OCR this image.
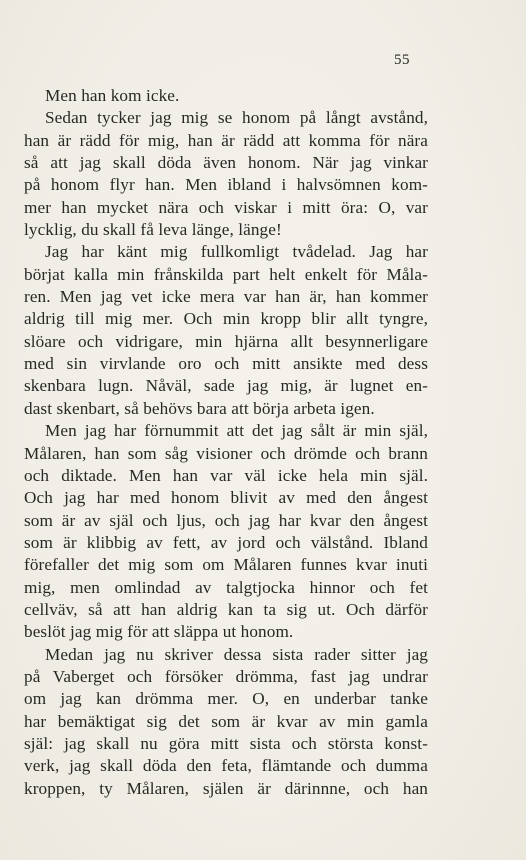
55
Men han kom icke.
Sedan tycker jag mig se honom på långt avstånd,
han är rädd för mig, han är rädd att komma för nära
så att jag skall döda även honom. När jag vinkar
på honom flyr han. Men ibland i halvsömnen kom-
mer han mycket nära och viskar i mitt öra: O, var
lycklig, du skall få leva länge, länge!
Jag har känt mig fullkomligt tvådelad. Jag har
börjat kalla min frånskilda part helt enkelt för Måla-
ren. Men jag vet icke mera var han är, han kommer
aldrig till mig mer. Och min kropp blir allt tyngre,
slöare och vidrigare, min hjärna allt besynnerligare
med sin virvlande oro och mitt ansikte med dess
skenbara lugn. Nåväl, sade jag mig, är lugnet en-
dast skenbart, så behövs bara att börja arbeta igen.
Men jag har förnummit att det jag sålt är min själ,
Målaren, han som såg visioner och drömde och brann
och diktade. Men han var väl icke hela min själ.
Och jag har med honom blivit av med den ångest
som är av själ och ljus, och jag har kvar den ångest
som är klibbig av fett, av jord och välstånd. Ibland
förefaller det mig som om Målaren funnes kvar inuti
mig, men omlindad av talgtjocka hinnor och fet
cellväv, så att han aldrig kan ta sig ut. Och därför
beslöt jag mig för att släppa ut honom.
Medan jag nu skriver dessa sista rader sitter jag
på Vaberget och försöker drömma, fast jag undrar
om jag kan drömma mer. O, en underbar tanke
har bemäktigat sig det som är kvar av min gamla
själ: jag skall nu göra mitt sista och största konst-
verk, jag skall döda den feta, flämtande och dumma
kroppen, ty Målaren, själen är därinnne, och han
